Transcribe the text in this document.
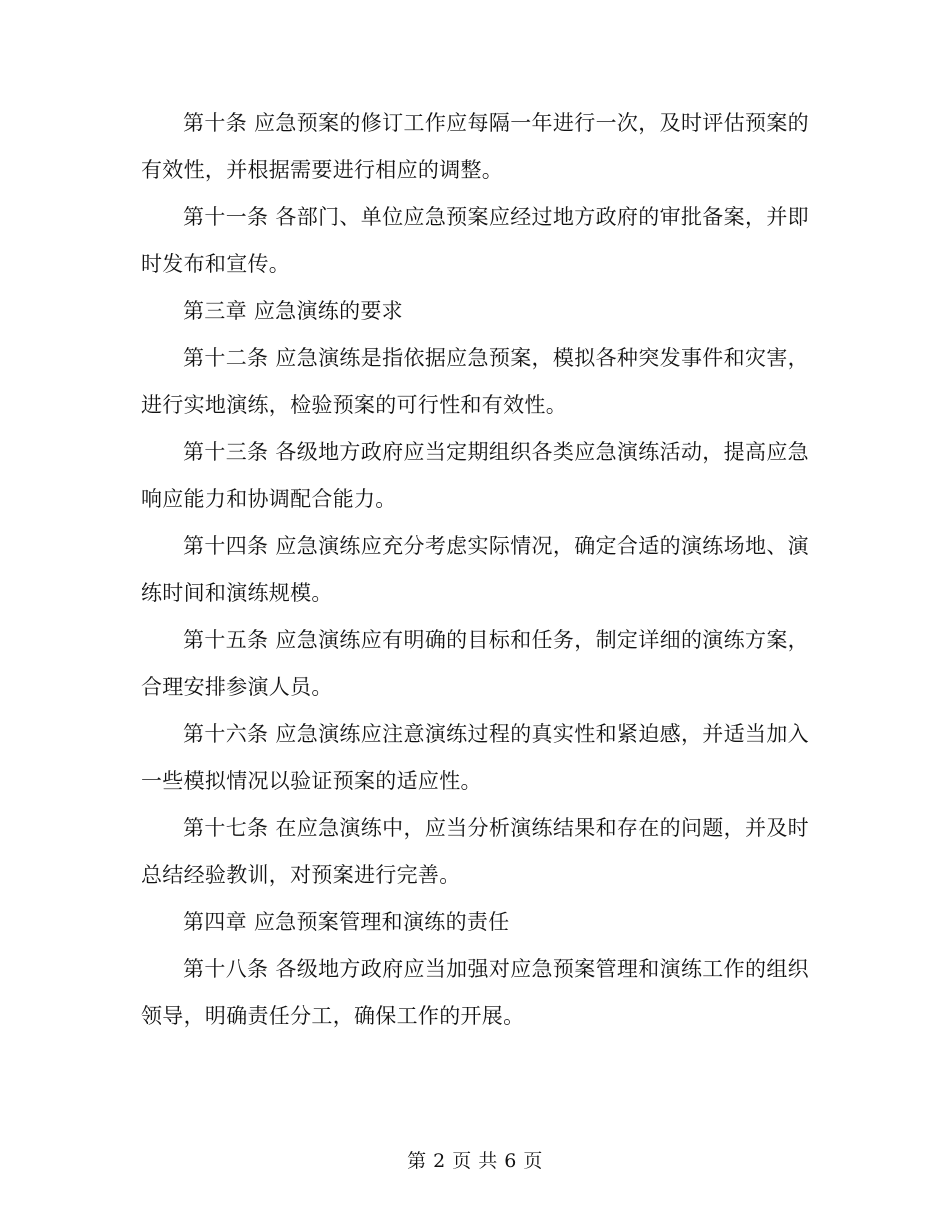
第十条 应急预案的修订工作应每隔一年进行一次，及时评估预案的有效性，并根据需要进行相应的调整。

第十一条 各部门、单位应急预案应经过地方政府的审批备案，并即时发布和宣传。

第三章 应急演练的要求

第十二条 应急演练是指依据应急预案，模拟各种突发事件和灾害，进行实地演练，检验预案的可行性和有效性。

第十三条 各级地方政府应当定期组织各类应急演练活动，提高应急响应能力和协调配合能力。

第十四条 应急演练应充分考虑实际情况，确定合适的演练场地、演练时间和演练规模。

第十五条 应急演练应有明确的目标和任务，制定详细的演练方案，合理安排参演人员。

第十六条 应急演练应注意演练过程的真实性和紧迫感，并适当加入一些模拟情况以验证预案的适应性。

第十七条 在应急演练中，应当分析演练结果和存在的问题，并及时总结经验教训，对预案进行完善。

第四章 应急预案管理和演练的责任

第十八条 各级地方政府应当加强对应急预案管理和演练工作的组织领导，明确责任分工，确保工作的开展。

第 2 页 共 6 页
